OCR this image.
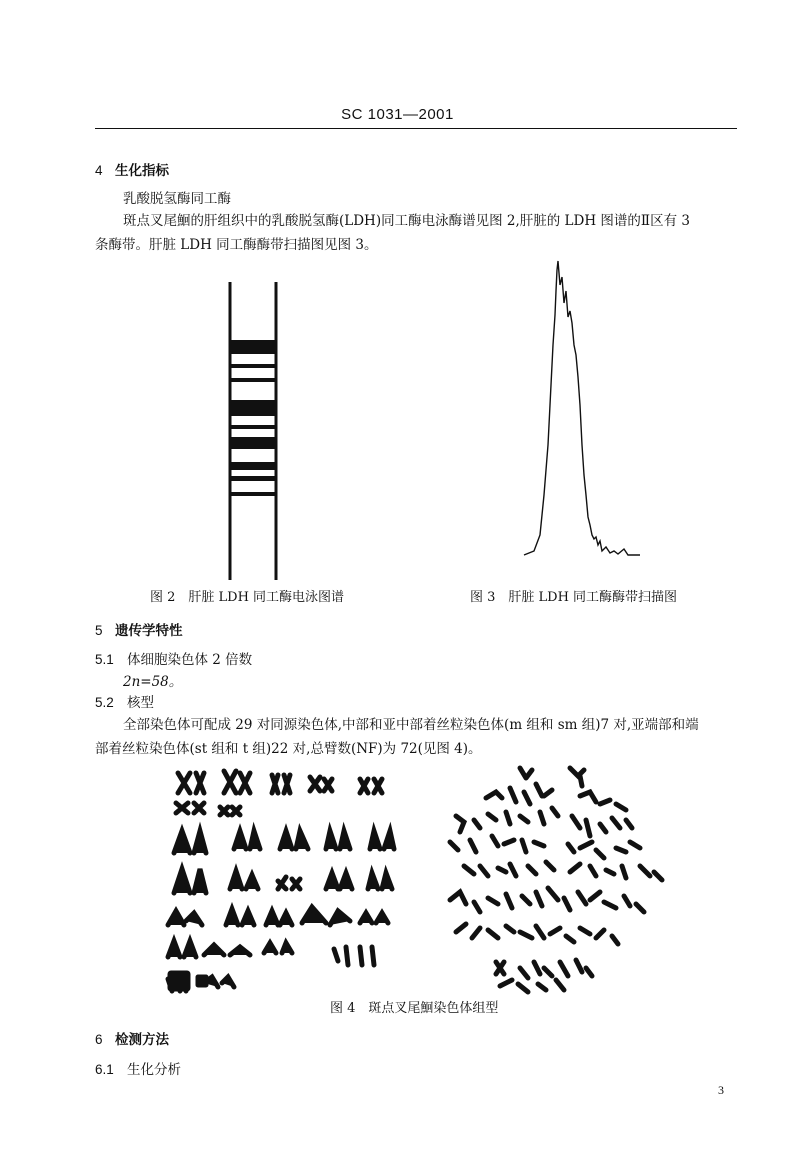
SC 1031—2001
4 生化指标
乳酸脱氢酶同工酶
斑点叉尾鮰的肝组织中的乳酸脱氢酶(LDH)同工酶电泳酶谱见图 2,肝脏的 LDH 图谱的Ⅱ区有 3
条酶带。肝脏 LDH 同工酶酶带扫描图见图 3。
图 2　肝脏 LDH 同工酶电泳图谱	图 3　肝脏 LDH 同工酶酶带扫描图
5 遗传学特性
5.1 体细胞染色体 2 倍数
2n=58。
5.2 核型
全部染色体可配成 29 对同源染色体,中部和亚中部着丝粒染色体(m 组和 sm 组)7 对,亚端部和端
部着丝粒染色体(st 组和 t 组)22 对,总臂数(NF)为 72(见图 4)。
图 4　斑点叉尾鮰染色体组型
6 检测方法
6.1 生化分析
3
